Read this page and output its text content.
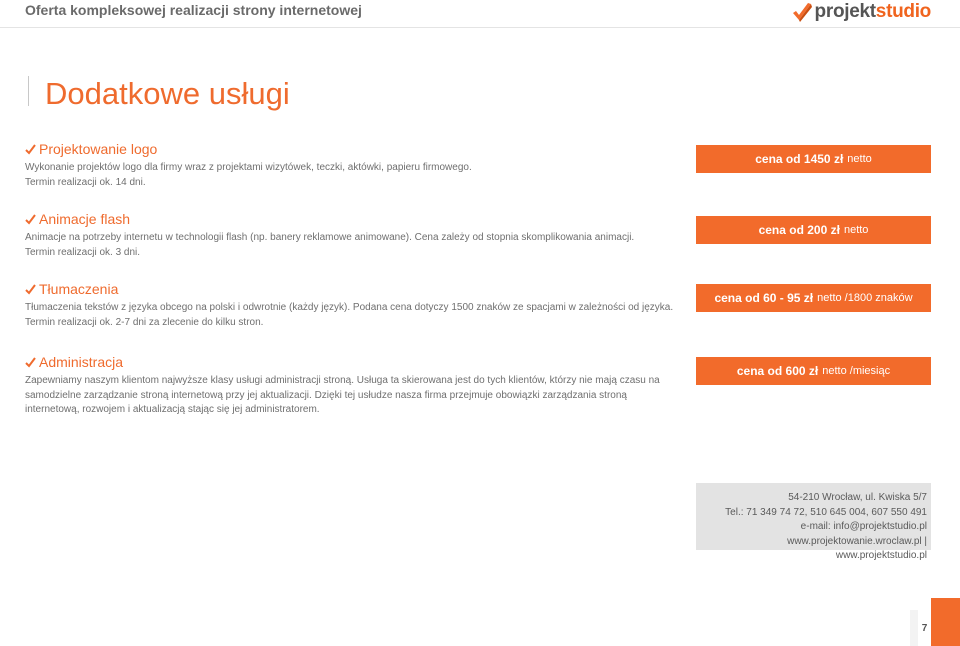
Oferta kompleksowej realizacji strony internetowej	projektstudio
Dodatkowe usługi
Projektowanie logo
Wykonanie projektów logo dla firmy wraz z projektami wizytówek, teczki, aktówki, papieru firmowego.
Termin realizacji ok. 14 dni.
cena od 1450 zł netto
Animacje flash
Animacje na potrzeby internetu w technologii flash (np. banery reklamowe animowane). Cena zależy od stopnia skomplikowania animacji.
Termin realizacji ok. 3 dni.
cena od 200 zł netto
Tłumaczenia
Tłumaczenia tekstów z języka obcego na polski i odwrotnie (każdy język). Podana cena dotyczy 1500 znaków ze spacjami w zależności od języka.
Termin realizacji ok. 2-7 dni za zlecenie do kilku stron.
cena od 60 - 95 zł netto /1800 znaków
Administracja
Zapewniamy naszym klientom najwyższe klasy usługi administracji stroną. Usługa ta skierowana jest do tych klientów, którzy nie mają czasu na
samodzielne zarządzanie stroną internetową przy jej aktualizacji. Dzięki tej usłudze nasza firma przejmuje obowiązki zarządzania stroną
internetową, rozwojem i aktualizacją stając się jej administratorem.
cena od 600 zł netto /miesiąc
54-210 Wrocław, ul. Kwiska 5/7
Tel.: 71 349 74 72, 510 645 004, 607 550 491
e-mail: info@projektstudio.pl
www.projektowanie.wroclaw.pl | www.projektstudio.pl
7
